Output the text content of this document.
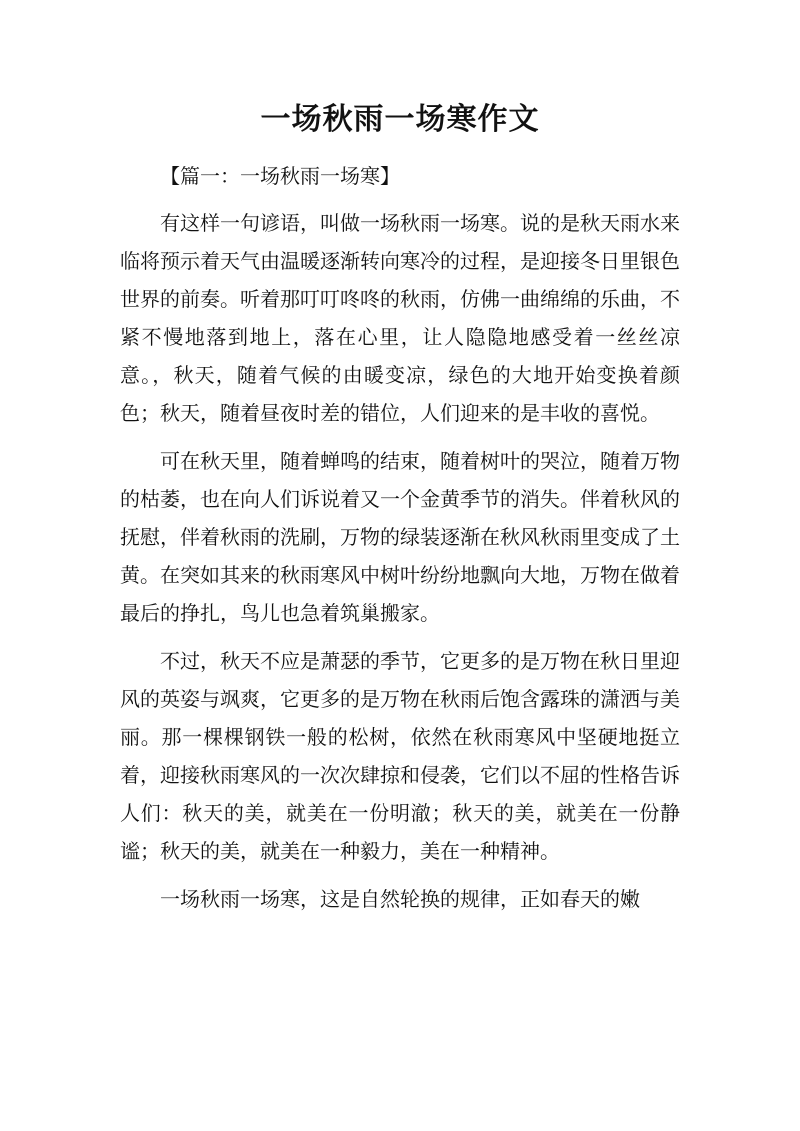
一场秋雨一场寒作文

【篇一：一场秋雨一场寒】

有这样一句谚语，叫做一场秋雨一场寒。说的是秋天雨水来临将预示着天气由温暖逐渐转向寒冷的过程，是迎接冬日里银色世界的前奏。听着那叮叮咚咚的秋雨，仿佛一曲绵绵的乐曲，不紧不慢地落到地上，落在心里，让人隐隐地感受着一丝丝凉意。，秋天，随着气候的由暖变凉，绿色的大地开始变换着颜色；秋天，随着昼夜时差的错位，人们迎来的是丰收的喜悦。

可在秋天里，随着蝉鸣的结束，随着树叶的哭泣，随着万物的枯萎，也在向人们诉说着又一个金黄季节的消失。伴着秋风的抚慰，伴着秋雨的洗刷，万物的绿装逐渐在秋风秋雨里变成了土黄。在突如其来的秋雨寒风中树叶纷纷地飘向大地，万物在做着最后的挣扎，鸟儿也急着筑巢搬家。

不过，秋天不应是萧瑟的季节，它更多的是万物在秋日里迎风的英姿与飒爽，它更多的是万物在秋雨后饱含露珠的潇洒与美丽。那一棵棵钢铁一般的松树，依然在秋雨寒风中坚硬地挺立着，迎接秋雨寒风的一次次肆掠和侵袭，它们以不屈的性格告诉人们：秋天的美，就美在一份明澈；秋天的美，就美在一份静谧；秋天的美，就美在一种毅力，美在一种精神。

一场秋雨一场寒，这是自然轮换的规律，正如春天的嫩
